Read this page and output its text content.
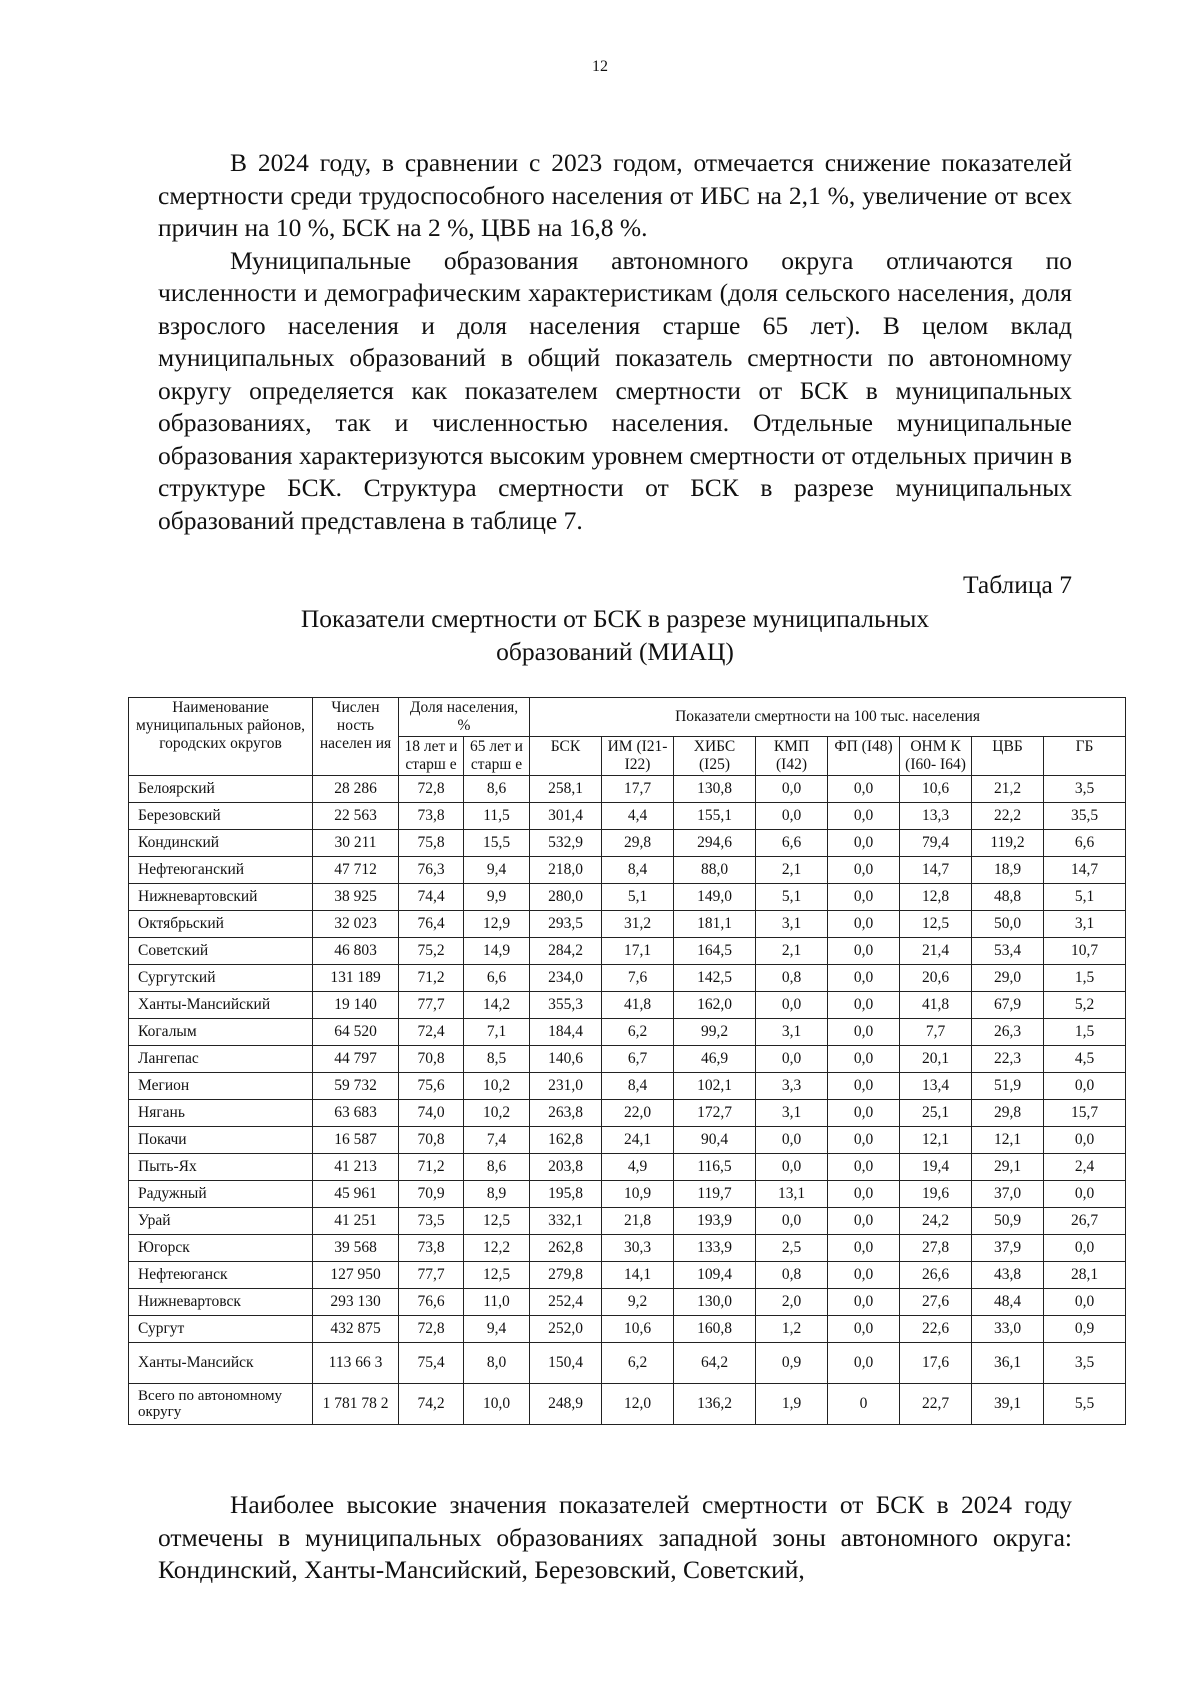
12

В 2024 году, в сравнении с 2023 годом, отмечается снижение показателей смертности среди трудоспособного населения от ИБС на 2,1 %, увеличение от всех причин на 10 %, БСК на 2 %, ЦВБ на 16,8 %.

Муниципальные образования автономного округа отличаются по численности и демографическим характеристикам (доля сельского населения, доля взрослого населения и доля населения старше 65 лет). В целом вклад муниципальных образований в общий показатель смертности по автономному округу определяется как показателем смертности от БСК в муниципальных образованиях, так и численностью населения. Отдельные муниципальные образования характеризуются высоким уровнем смертности от отдельных причин в структуре БСК. Структура смертности от БСК в разрезе муниципальных образований представлена в таблице 7.

Таблица 7
Показатели смертности от БСК в разрезе муниципальных
образований (МИАЦ)
Наименование муниципальных районов, городских округов	Числен ность населен ия	Доля населения, %		Показатели смертности на 100 тыс. населения							
		18 лет и старш е	65 лет и старш е	БСК	ИМ (I21- I22)	ХИБС (I25)	КМП (I42)	ФП (I48)	ОНМ К (I60- I64)	ЦВБ	ГБ
Белоярский	28 286	72,8	8,6	258,1	17,7	130,8	0,0	0,0	10,6	21,2	3,5
Березовский	22 563	73,8	11,5	301,4	4,4	155,1	0,0	0,0	13,3	22,2	35,5
Кондинский	30 211	75,8	15,5	532,9	29,8	294,6	6,6	0,0	79,4	119,2	6,6
Нефтеюганский	47 712	76,3	9,4	218,0	8,4	88,0	2,1	0,0	14,7	18,9	14,7
Нижневартовский	38 925	74,4	9,9	280,0	5,1	149,0	5,1	0,0	12,8	48,8	5,1
Октябрьский	32 023	76,4	12,9	293,5	31,2	181,1	3,1	0,0	12,5	50,0	3,1
Советский	46 803	75,2	14,9	284,2	17,1	164,5	2,1	0,0	21,4	53,4	10,7
Сургутский	131 189	71,2	6,6	234,0	7,6	142,5	0,8	0,0	20,6	29,0	1,5
Ханты-Мансийский	19 140	77,7	14,2	355,3	41,8	162,0	0,0	0,0	41,8	67,9	5,2
Когалым	64 520	72,4	7,1	184,4	6,2	99,2	3,1	0,0	7,7	26,3	1,5
Лангепас	44 797	70,8	8,5	140,6	6,7	46,9	0,0	0,0	20,1	22,3	4,5
Мегион	59 732	75,6	10,2	231,0	8,4	102,1	3,3	0,0	13,4	51,9	0,0
Нягань	63 683	74,0	10,2	263,8	22,0	172,7	3,1	0,0	25,1	29,8	15,7
Покачи	16 587	70,8	7,4	162,8	24,1	90,4	0,0	0,0	12,1	12,1	0,0
Пыть-Ях	41 213	71,2	8,6	203,8	4,9	116,5	0,0	0,0	19,4	29,1	2,4
Радужный	45 961	70,9	8,9	195,8	10,9	119,7	13,1	0,0	19,6	37,0	0,0
Урай	41 251	73,5	12,5	332,1	21,8	193,9	0,0	0,0	24,2	50,9	26,7
Югорск	39 568	73,8	12,2	262,8	30,3	133,9	2,5	0,0	27,8	37,9	0,0
Нефтеюганск	127 950	77,7	12,5	279,8	14,1	109,4	0,8	0,0	26,6	43,8	28,1
Нижневартовск	293 130	76,6	11,0	252,4	9,2	130,0	2,0	0,0	27,6	48,4	0,0
Сургут	432 875	72,8	9,4	252,0	10,6	160,8	1,2	0,0	22,6	33,0	0,9
Ханты-Мансийск	113 66 3	75,4	8,0	150,4	6,2	64,2	0,9	0,0	17,6	36,1	3,5
Всего по автономному округу	1 781 78 2	74,2	10,0	248,9	12,0	136,2	1,9	0	22,7	39,1	5,5

Наиболее высокие значения показателей смертности от БСК в 2024 году отмечены в муниципальных образованиях западной зоны автономного округа: Кондинский, Ханты-Мансийский, Березовский, Советский,
